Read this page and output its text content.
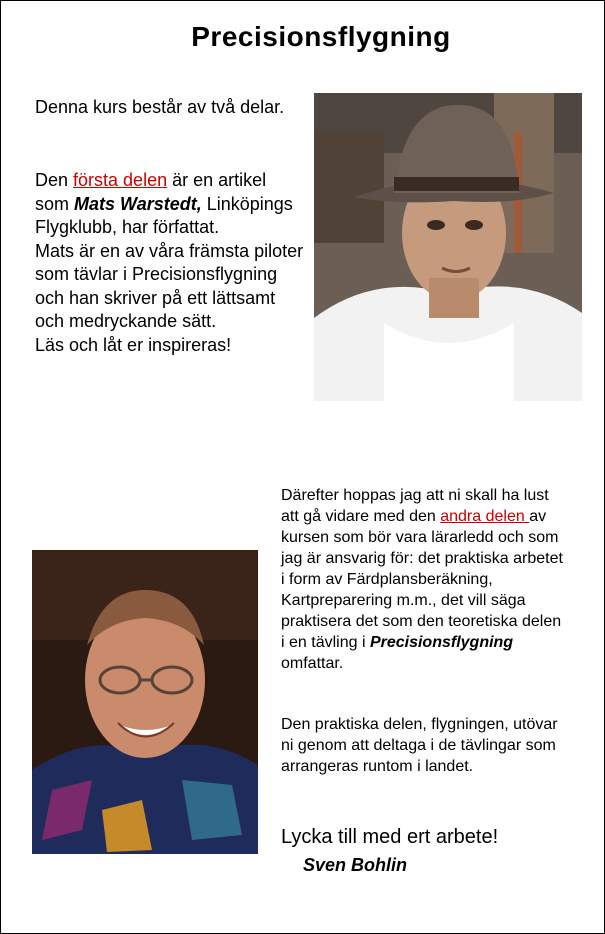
Precisionsflygning

Denna kurs består av två delar.

Den första delen är en artikel som Mats Warstedt, Linköpings Flygklubb, har författat.
Mats är en av våra främsta piloter som tävlar i Precisionsflygning och han skriver på ett lättsamt och medryckande sätt.
Läs och låt er inspireras!

Därefter hoppas jag att ni skall ha lust att gå vidare med den andra delen av kursen som bör vara lärarledd och som jag är ansvarig för: det praktiska arbetet i form av Färdplansberäkning, Kartpreparering m.m., det vill säga praktisera det som den teoretiska delen i en tävling i Precisionsflygning omfattar.

Den praktiska delen, flygningen, utövar ni genom att deltaga i de tävlingar som arrangeras runtom i landet.

Lycka till med ert arbete!

Sven Bohlin
